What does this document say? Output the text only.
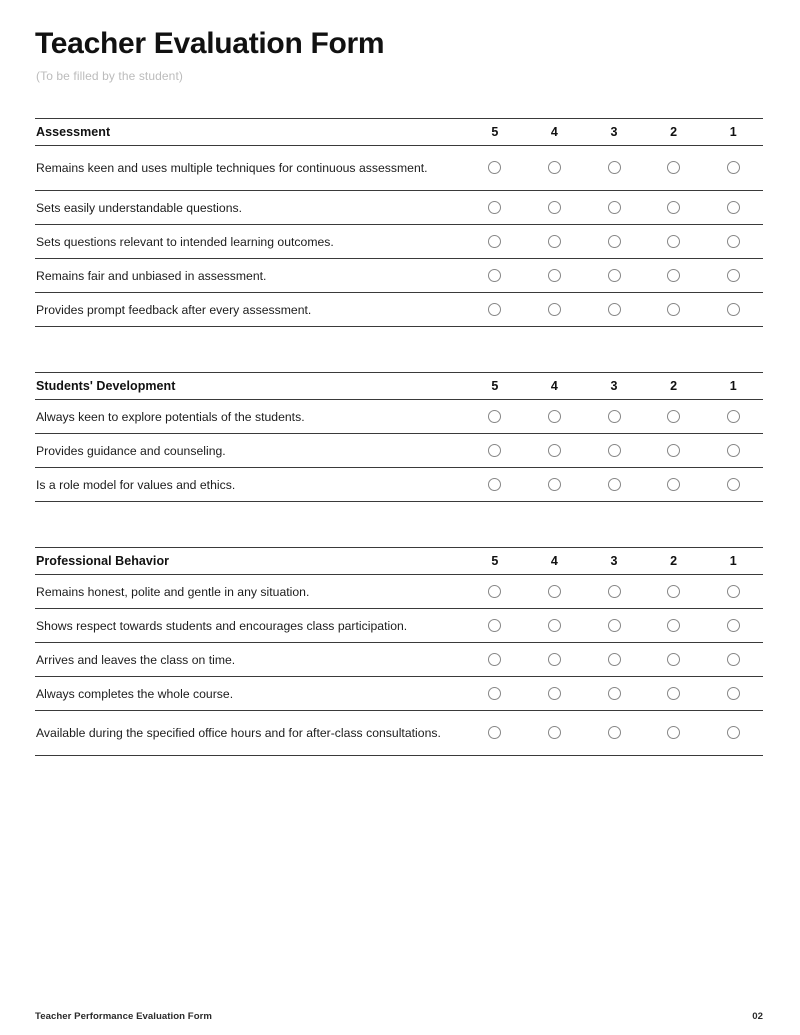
Teacher Evaluation Form
(To be filled by the student)
Assessment	5	4	3	2	1
Remains keen and uses multiple techniques for continuous assessment.					
Sets easily understandable questions.					
Sets questions relevant to intended learning outcomes.					
Remains fair and unbiased in assessment.					
Provides prompt feedback after every assessment.					
Students' Development	5	4	3	2	1
Always keen to explore potentials of the students.					
Provides guidance and counseling.					
Is a role model for values and ethics.					
Professional Behavior	5	4	3	2	1
Remains honest, polite and gentle in any situation.					
Shows respect towards students and encourages class participation.					
Arrives and leaves the class on time.					
Always completes the whole course.					
Available during the specified office hours and for after-class consultations.					
Teacher Performance Evaluation Form	02
